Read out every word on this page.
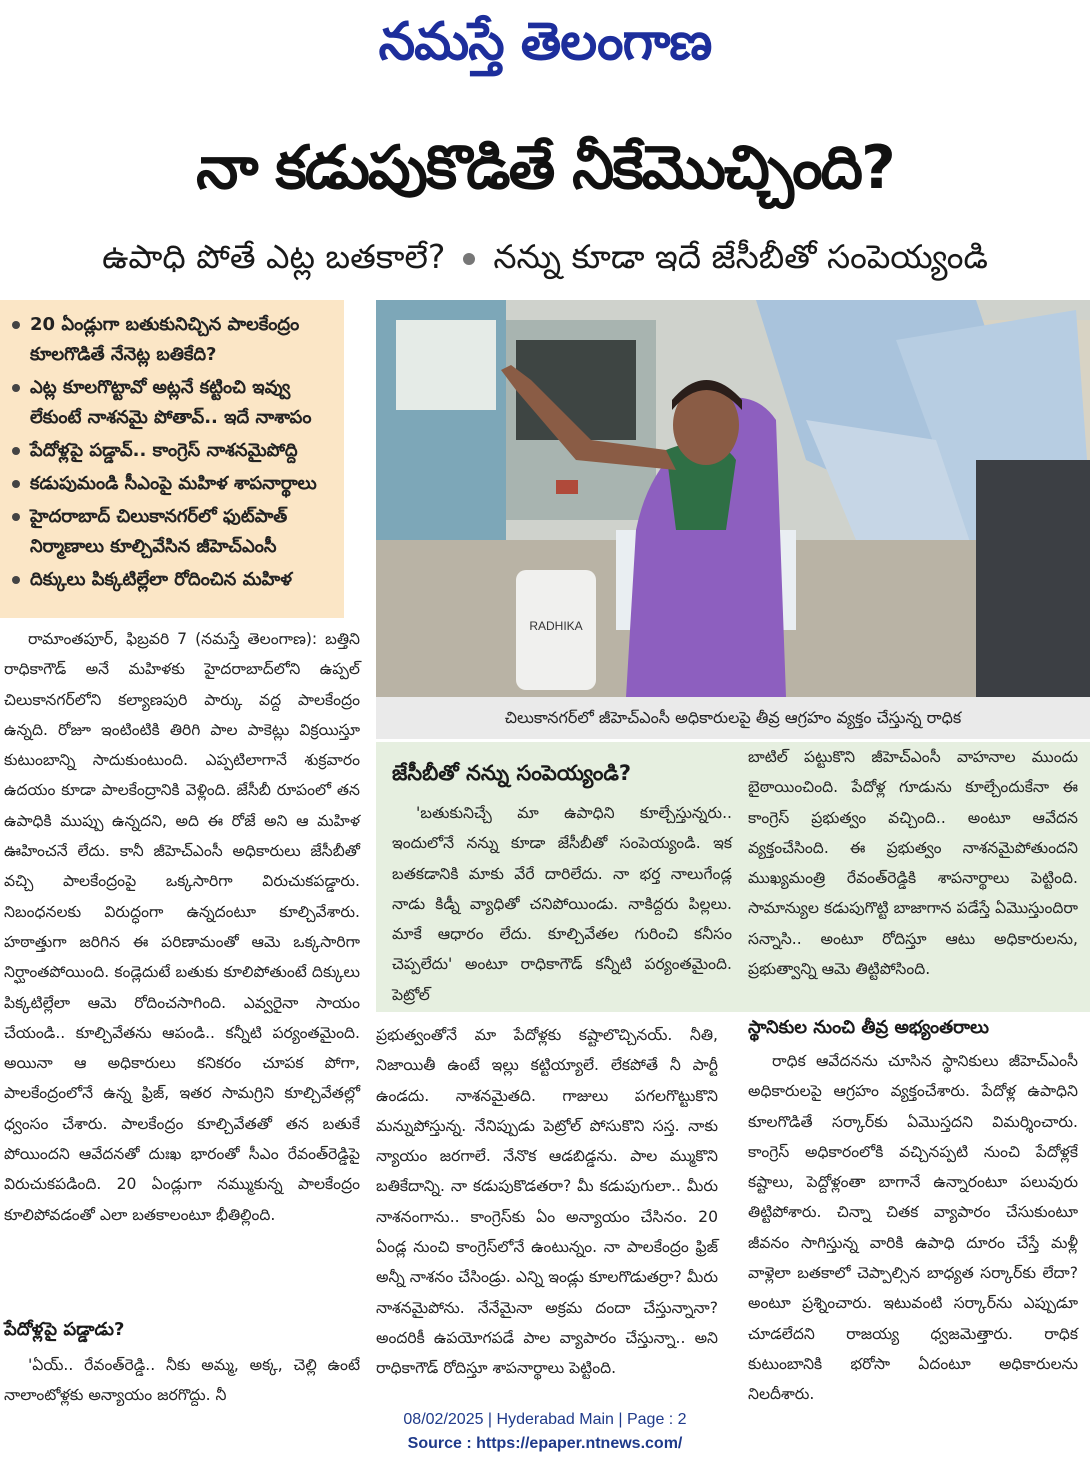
నమస్తే తెలంగాణ
నా కడుపుకొడితే నీకేమొచ్చింది?
ఉపాధి పోతే ఎట్ల బతకాలే? నన్ను కూడా ఇదే జేసీబీతో సంపెయ్యండి
20 ఏండ్లుగా బతుకునిచ్చిన పాలకేంద్రం కూలగొడితే నేనెట్ల బతికేది?
ఎట్ల కూలగొట్టావో అట్లనే కట్టించి ఇవ్వు లేకుంటే నాశనమై పోతావ్.. ఇదే నాశాపం
పేదోళ్లపై పడ్డావ్.. కాంగ్రెస్ నాశనమైపోద్ది
కడుపుమండి సీఎంపై మహిళ శాపనార్థాలు
హైదరాబాద్ చిలుకానగర్‌లో ఫుట్‌పాత్ నిర్మాణాలు కూల్చివేసిన జీహెచ్ఎంసీ
దిక్కులు పిక్కటిల్లేలా రోదించిన మహిళ
RADHIKA
చిలుకానగర్‌లో జీహెచ్ఎంసీ అధికారులపై తీవ్ర ఆగ్రహం వ్యక్తం చేస్తున్న రాధిక

రామాంతపూర్, ఫిబ్రవరి 7 (నమస్తే తెలంగాణ): బత్తిని రాధికాగౌడ్ అనే మహిళకు హైదరాబాద్‌లోని ఉప్పల్ చిలుకానగర్‌లోని కల్యాణపురి పార్కు వద్ద పాలకేంద్రం ఉన్నది. రోజూ ఇంటింటికి తిరిగి పాల పాకెట్లు విక్రయిస్తూ కుటుంబాన్ని సాదుకుంటుంది. ఎప్పటిలాగానే శుక్రవారం ఉదయం కూడా పాలకేంద్రానికి వెళ్లింది. జేసీబీ రూపంలో తన ఉపాధికి ముప్పు ఉన్నదని, అది ఈ రోజే అని ఆ మహిళ ఊహించనే లేదు. కానీ జీహెచ్ఎంసీ అధికారులు జేసీబీతో వచ్చి పాలకేంద్రంపై ఒక్కసారిగా విరుచుకపడ్డారు. నిబంధనలకు విరుద్ధంగా ఉన్నదంటూ కూల్చివేశారు. హఠాత్తుగా జరిగిన ఈ పరిణామంతో ఆమె ఒక్కసారిగా నిర్ఘాంతపోయింది. కండ్లెదుటే బతుకు కూలిపోతుంటే దిక్కులు పిక్కటిల్లేలా ఆమె రోదించసాగింది. ఎవ్వరైనా సాయం చేయండి.. కూల్చివేతను ఆపండి.. కన్నీటి పర్యంతమైంది. అయినా ఆ అధికారులు కనికరం చూపక పోగా, పాలకేంద్రంలోనే ఉన్న ఫ్రిజ్, ఇతర సామగ్రిని కూల్చివేతల్లో ధ్వంసం చేశారు. పాలకేంద్రం కూల్చివేతతో తన బతుకే పోయిందని ఆవేదనతో దుఃఖ భారంతో సీఎం రేవంత్‌రెడ్డిపై విరుచుకపడింది. 20 ఏండ్లుగా నమ్ముకున్న పాలకేంద్రం కూలిపోవడంతో ఎలా బతకాలంటూ భీతిల్లింది.

పేదోళ్లపై పడ్డాడు?
'ఏయ్.. రేవంత్‌రెడ్డి.. నీకు అమ్మ, అక్క, చెల్లి ఉంటే నాలాంటోళ్లకు అన్యాయం జరగొద్దు. నీ
జేసీబీతో నన్ను సంపెయ్యండి?
'బతుకునిచ్చే మా ఉపాధిని కూల్చేస్తున్నరు.. ఇందులోనే నన్ను కూడా జేసీబీతో సంపెయ్యండి. ఇక బతకడానికి మాకు వేరే దారిలేదు. నా భర్త నాలుగేండ్ల నాడు కిడ్నీ వ్యాధితో చనిపోయిండు. నాకిద్దరు పిల్లలు. మాకే ఆధారం లేదు. కూల్చివేతల గురించి కనీసం చెప్పలేదు' అంటూ రాధికాగౌడ్ కన్నీటి పర్యంతమైంది. పెట్రోల్
బాటిల్ పట్టుకొని జీహెచ్ఎంసీ వాహనాల ముందు బైఠాయించింది. పేదోళ్ల గూడును కూల్చేందుకేనా ఈ కాంగ్రెస్ ప్రభుత్వం వచ్చింది.. అంటూ ఆవేదన వ్యక్తంచేసింది. ఈ ప్రభుత్వం నాశనమైపోతుందని ముఖ్యమంత్రి రేవంత్‌రెడ్డికి శాపనార్థాలు పెట్టింది. సామాన్యుల కడుపుగొట్టి బాజాగాన పడేస్తే ఏమొస్తుందిరా సన్నాసి.. అంటూ రోదిస్తూ ఆటు అధికారులను, ప్రభుత్వాన్ని ఆమె తిట్టిపోసింది.
ప్రభుత్వంతోనే మా పేదోళ్లకు కష్టాలొచ్చినయ్. నీతి, నిజాయితీ ఉంటే ఇల్లు కట్టియ్యాలే. లేకపోతే నీ పార్టీ ఉండదు. నాశనమైతది. గాజులు పగలగొట్టుకొని మన్నుపోస్తున్న. నేనిప్పుడు పెట్రోల్ పోసుకొని సస్త. నాకు న్యాయం జరగాలే. నేనొక ఆడబిడ్డను. పాల మ్ముకొని బతికేదాన్ని. నా కడుపుకొడతరా? మీ కడుపుగులా.. మీరు నాశనంగాను.. కాంగ్రెస్‌కు ఏం అన్యాయం చేసినం. 20 ఏండ్ల నుంచి కాంగ్రెస్‌లోనే ఉంటున్నం. నా పాలకేంద్రం ఫ్రిజ్ అన్నీ నాశనం చేసిండ్రు. ఎన్ని ఇండ్లు కూలగొడుతర్రా? మీరు నాశనమైపోను. నేనేమైనా అక్రమ దందా చేస్తున్నానా? అందరికీ ఉపయోగపడే పాల వ్యాపారం చేస్తున్నా.. అని రాధికాగౌడ్ రోదిస్తూ శాపనార్థాలు పెట్టింది.
స్థానికుల నుంచి తీవ్ర అభ్యంతరాలు
రాధిక ఆవేదనను చూసిన స్థానికులు జీహెచ్ఎంసీ అధికారులపై ఆగ్రహం వ్యక్తంచేశారు. పేదోళ్ల ఉపాధిని కూలగొడితే సర్కార్‌కు ఏమొస్తదని విమర్శించారు. కాంగ్రెస్ అధికారంలోకి వచ్చినప్పటి నుంచి పేదోళ్లకే కష్టాలు, పెద్దోళ్లంతా బాగానే ఉన్నారంటూ పలువురు తిట్టిపోశారు. చిన్నా చితక వ్యాపారం చేసుకుంటూ జీవనం సాగిస్తున్న వారికి ఉపాధి దూరం చేస్తే మళ్లీ వాళ్లెలా బతకాలో చెప్పాల్సిన బాధ్యత సర్కార్‌కు లేదా? అంటూ ప్రశ్నించారు. ఇటువంటి సర్కార్‌ను ఎప్పుడూ చూడలేదని రాజయ్య ధ్వజమెత్తారు. రాధిక కుటుంబానికి భరోసా ఏదంటూ అధికారులను నిలదీశారు.
08/02/2025 | Hyderabad Main | Page : 2
Source : https://epaper.ntnews.com/
